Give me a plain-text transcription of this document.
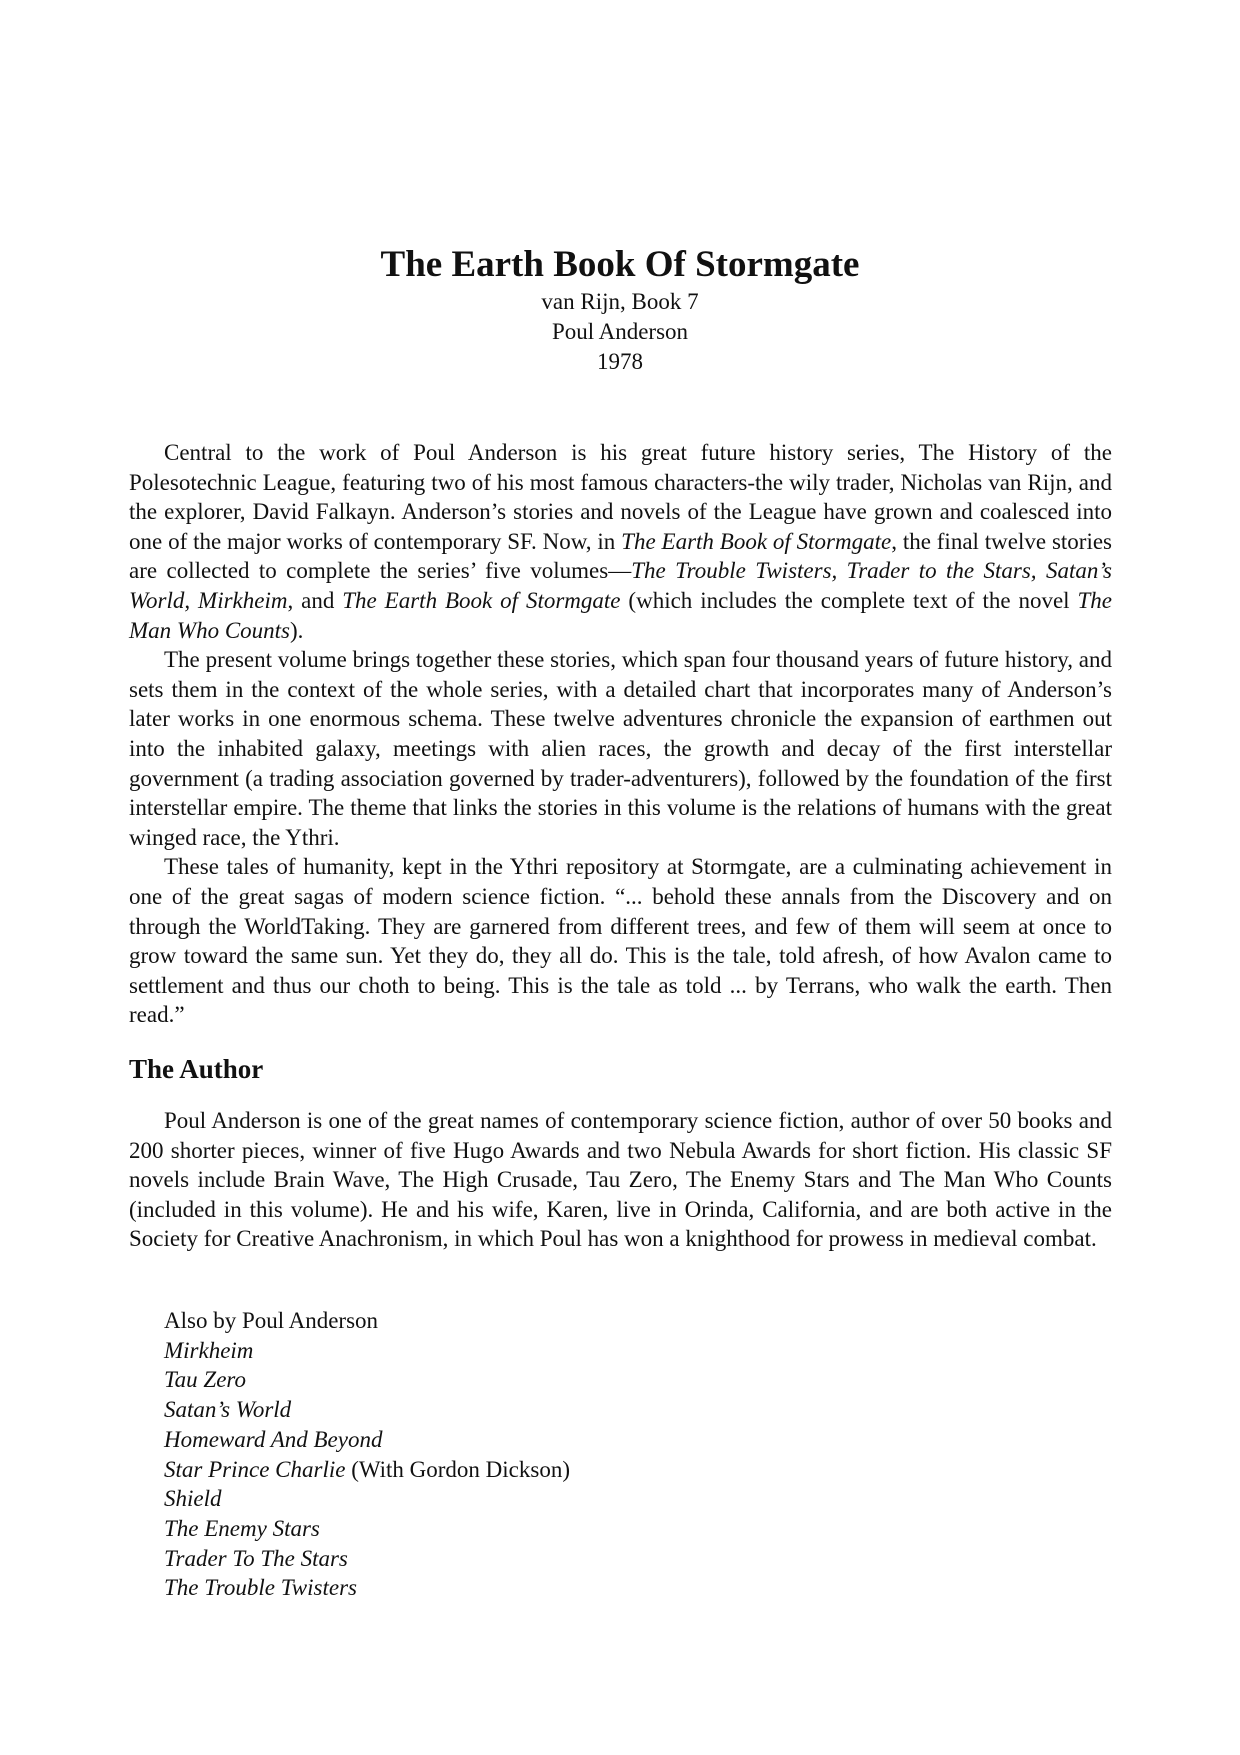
The Earth Book Of Stormgate
van Rijn, Book 7
Poul Anderson
1978

Central to the work of Poul Anderson is his great future history series, The History of the Polesotechnic League, featuring two of his most famous characters-the wily trader, Nicholas van Rijn, and the explorer, David Falkayn. Anderson’s stories and novels of the League have grown and coalesced into one of the major works of contemporary SF. Now, in The Earth Book of Stormgate, the final twelve stories are collected to complete the series’ five volumes—The Trouble Twisters, Trader to the Stars, Satan’s World, Mirkheim, and The Earth Book of Stormgate (which includes the complete text of the novel The Man Who Counts).

The present volume brings together these stories, which span four thousand years of future history, and sets them in the context of the whole series, with a detailed chart that incorporates many of Anderson’s later works in one enormous schema. These twelve adventures chronicle the expansion of earthmen out into the inhabited galaxy, meetings with alien races, the growth and decay of the first interstellar government (a trading association governed by trader-adventurers), followed by the foundation of the first interstellar empire. The theme that links the stories in this volume is the relations of humans with the great winged race, the Ythri.

These tales of humanity, kept in the Ythri repository at Stormgate, are a culminating achievement in one of the great sagas of modern science fiction. “... behold these annals from the Discovery and on through the WorldTaking. They are garnered from different trees, and few of them will seem at once to grow toward the same sun. Yet they do, they all do. This is the tale, told afresh, of how Avalon came to settlement and thus our choth to being. This is the tale as told ... by Terrans, who walk the earth. Then read.”

The Author

Poul Anderson is one of the great names of contemporary science fiction, author of over 50 books and 200 shorter pieces, winner of five Hugo Awards and two Nebula Awards for short fiction. His classic SF novels include Brain Wave, The High Crusade, Tau Zero, The Enemy Stars and The Man Who Counts (included in this volume). He and his wife, Karen, live in Orinda, California, and are both active in the Society for Creative Anachronism, in which Poul has won a knighthood for prowess in medieval combat.

Also by Poul Anderson
Mirkheim
Tau Zero
Satan’s World
Homeward And Beyond
Star Prince Charlie (With Gordon Dickson)
Shield
The Enemy Stars
Trader To The Stars
The Trouble Twisters
